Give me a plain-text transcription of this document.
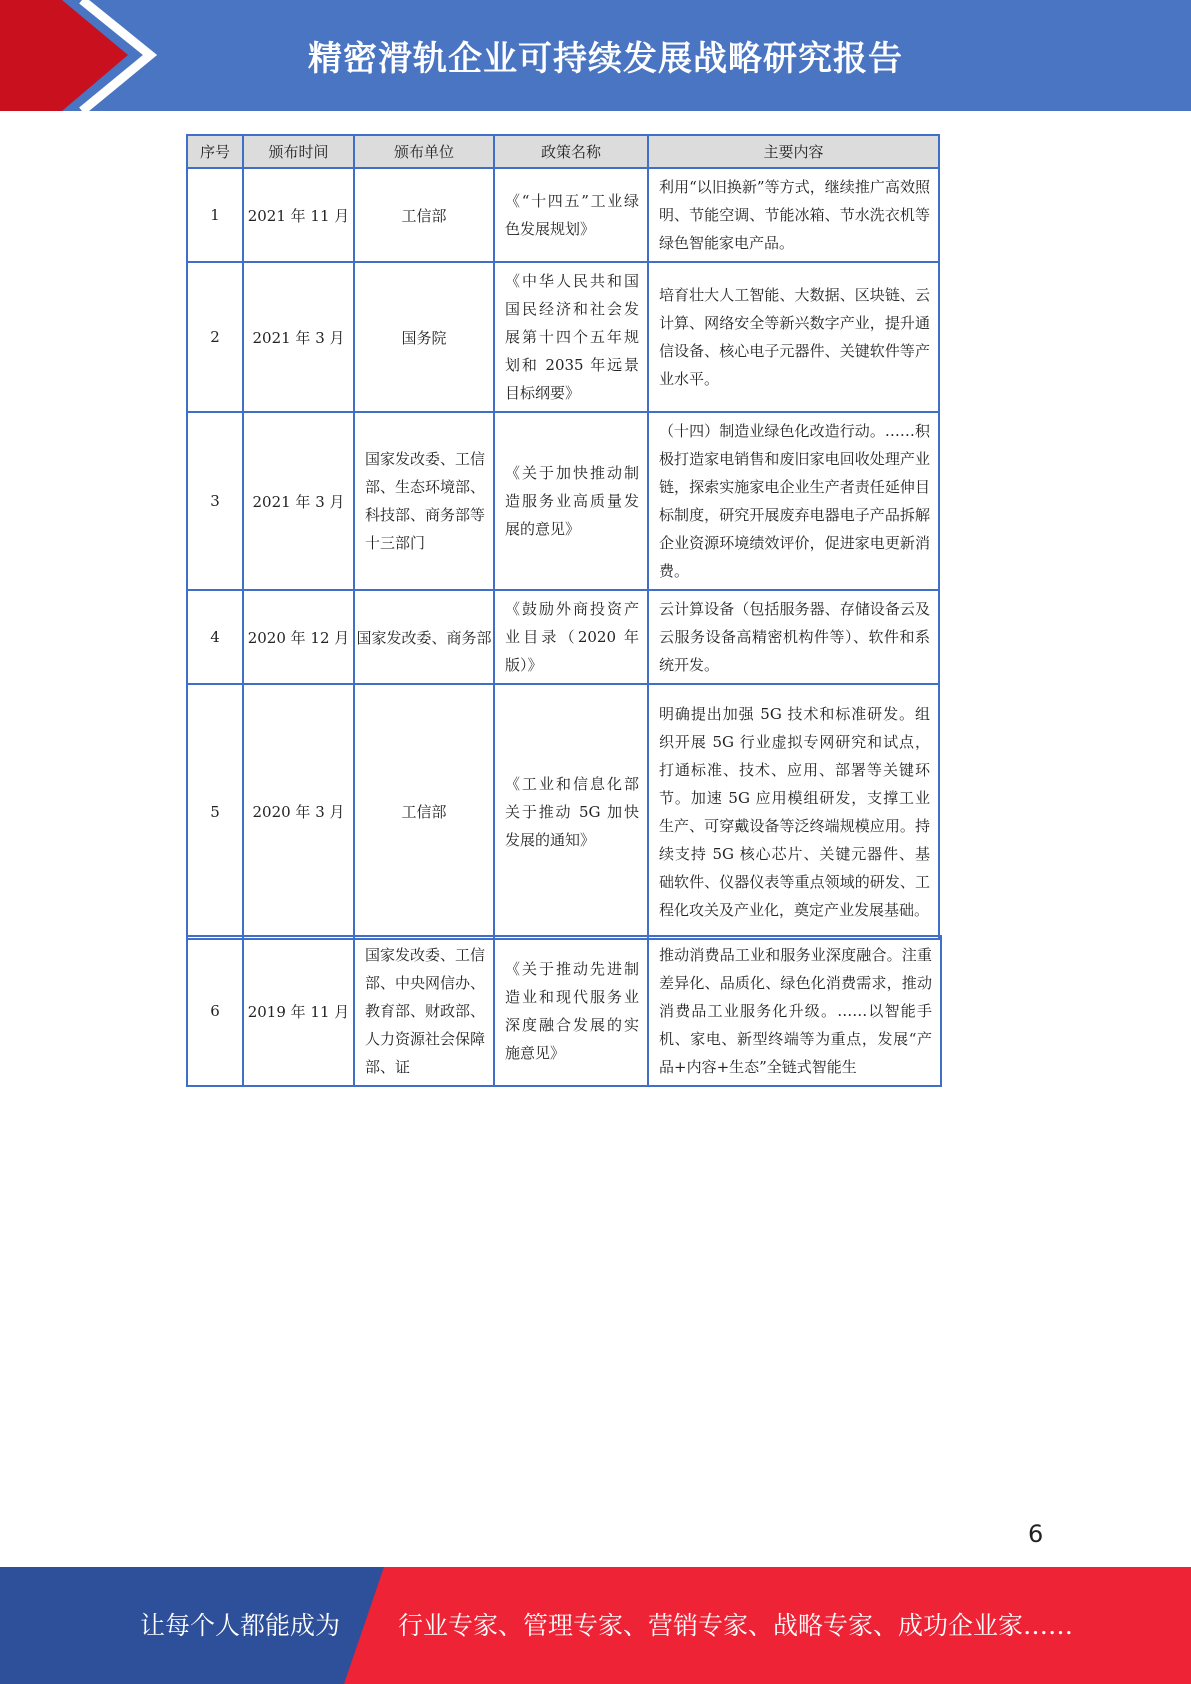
精密滑轨企业可持续发展战略研究报告
序号	颁布时间	颁布单位	政策名称	主要内容
1	2021 年 11 月	工信部	《“十四五”工业绿色发展规划》	利用“以旧换新”等方式，继续推广高效照明、节能空调、节能冰箱、节水洗衣机等绿色智能家电产品。
2	2021 年 3 月	国务院	《中华人民共和国国民经济和社会发展第十四个五年规划和 2035 年远景目标纲要》	培育壮大人工智能、大数据、区块链、云计算、网络安全等新兴数字产业，提升通信设备、核心电子元器件、关键软件等产业水平。
3	2021 年 3 月	国家发改委、工信部、生态环境部、科技部、商务部等十三部门	《关于加快推动制造服务业高质量发展的意见》	（十四）制造业绿色化改造行动。……积极打造家电销售和废旧家电回收处理产业链，探索实施家电企业生产者责任延伸目标制度，研究开展废弃电器电子产品拆解企业资源环境绩效评价，促进家电更新消费。
4	2020 年 12 月	国家发改委、商务部	《鼓励外商投资产业目录（2020 年版）》	云计算设备（包括服务器、存储设备云及云服务设备高精密机构件等）、软件和系统开发。
5	2020 年 3 月	工信部	《工业和信息化部关于推动 5G 加快发展的通知》	明确提出加强 5G 技术和标准研发。组织开展 5G 行业虚拟专网研究和试点，打通标准、技术、应用、部署等关键环节。加速 5G 应用模组研发，支撑工业生产、可穿戴设备等泛终端规模应用。持续支持 5G 核心芯片、关键元器件、基础软件、仪器仪表等重点领域的研发、工程化攻关及产业化，奠定产业发展基础。
6	2019 年 11 月	国家发改委、工信部、中央网信办、教育部、财政部、人力资源社会保障部、证	《关于推动先进制造业和现代服务业深度融合发展的实施意见》	推动消费品工业和服务业深度融合。注重差异化、品质化、绿色化消费需求，推动消费品工业服务化升级。……以智能手机、家电、新型终端等为重点，发展“产品+内容+生态”全链式智能生
6
让每个人都能成为 行业专家、管理专家、营销专家、战略专家、成功企业家……
